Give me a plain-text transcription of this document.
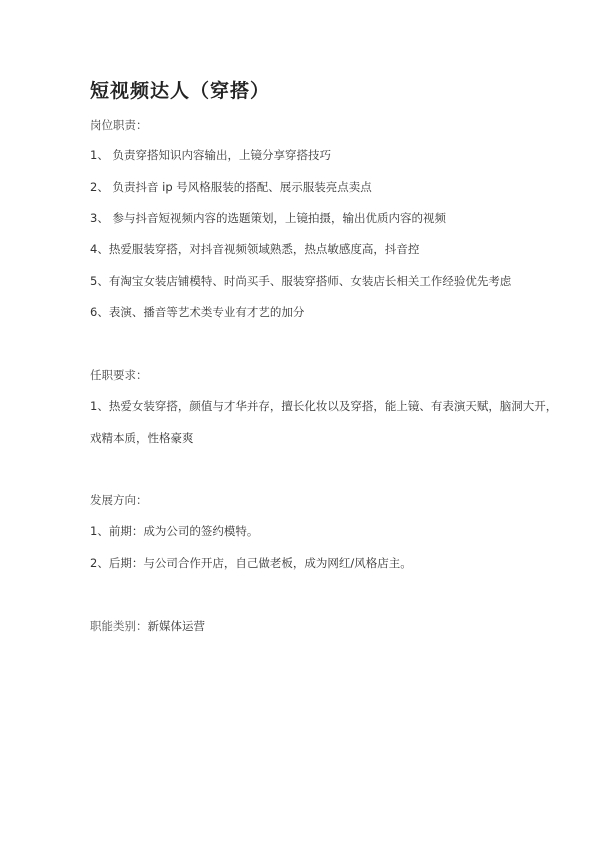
短视频达人（穿搭）
岗位职责：
1、 负责穿搭知识内容输出，上镜分享穿搭技巧
2、 负责抖音 ip 号风格服装的搭配、展示服装亮点卖点
3、 参与抖音短视频内容的选题策划，上镜拍摄，输出优质内容的视频
4、热爱服装穿搭，对抖音视频领域熟悉，热点敏感度高，抖音控
5、有淘宝女装店铺模特、时尚买手、服装穿搭师、女装店长相关工作经验优先考虑
6、表演、播音等艺术类专业有才艺的加分
任职要求：
1、热爱女装穿搭，颜值与才华并存，擅长化妆以及穿搭，能上镜、有表演天赋，脑洞大开，
戏精本质，性格豪爽
发展方向：
1、前期：成为公司的签约模特。
2、后期：与公司合作开店，自己做老板，成为网红/风格店主。
职能类别：新媒体运营
